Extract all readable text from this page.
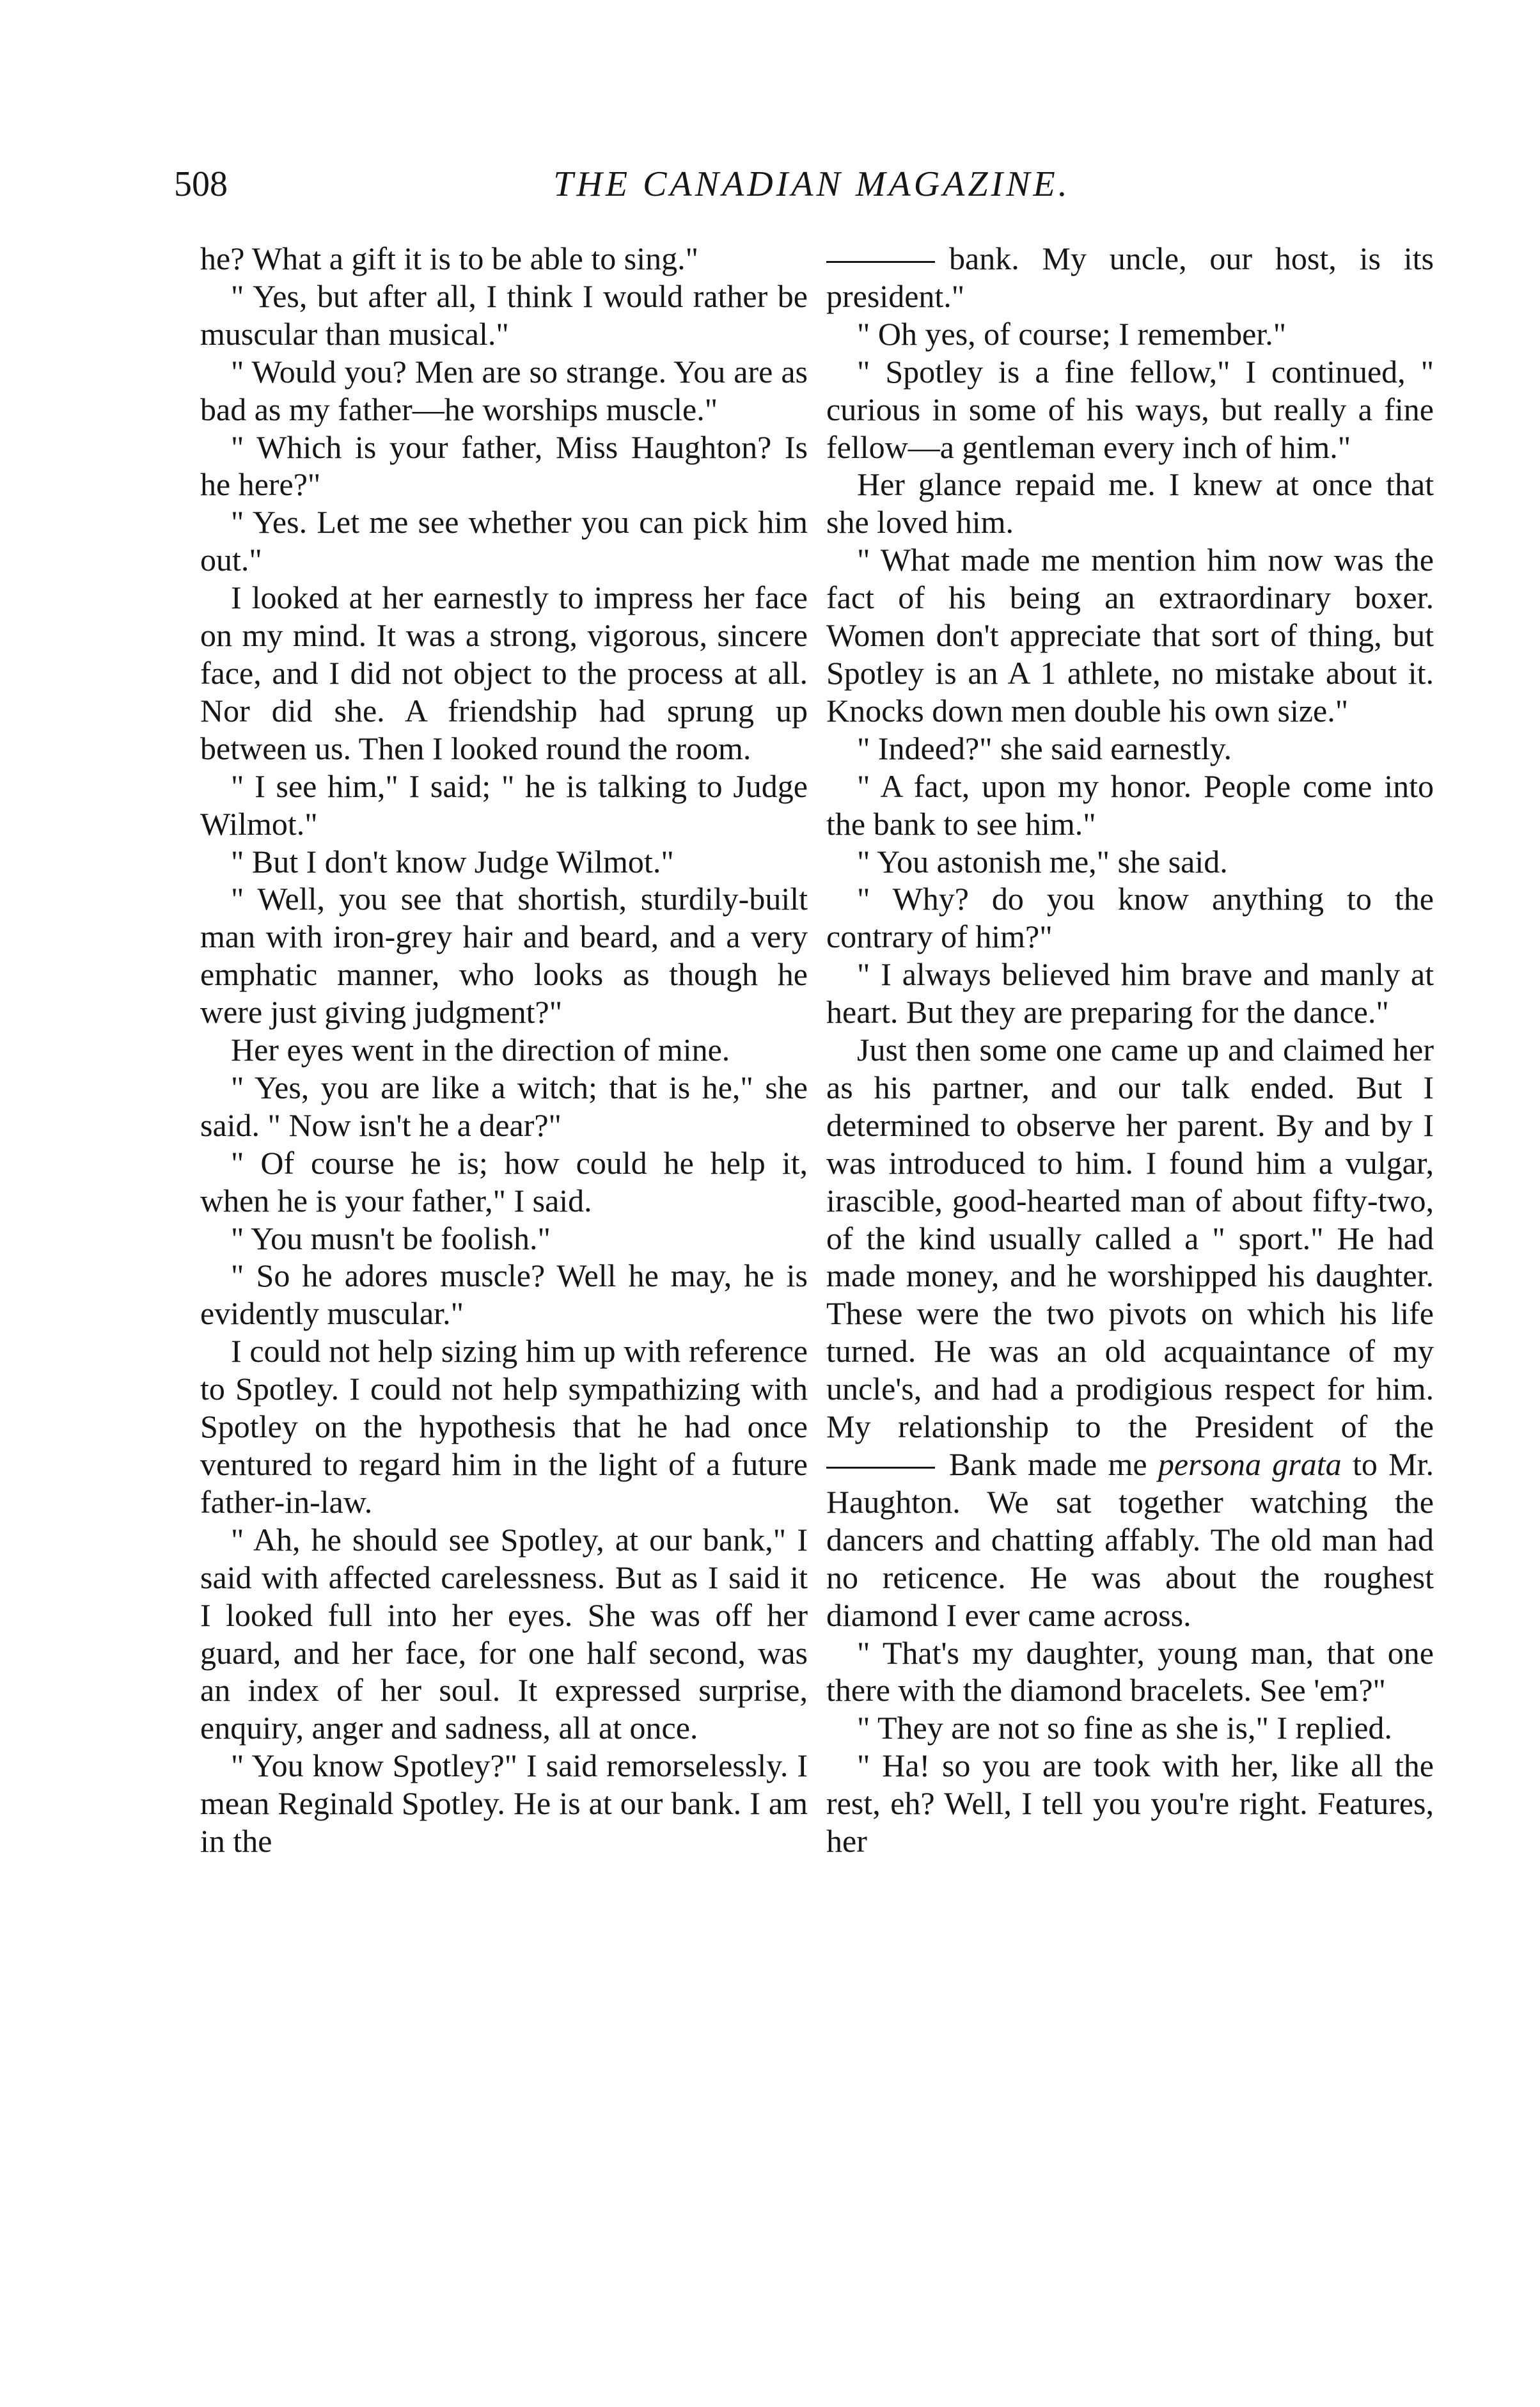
508	THE CANADIAN MAGAZINE.

he? What a gift it is to be able to sing."

" Yes, but after all, I think I would rather be muscular than musical."

" Would you? Men are so strange. You are as bad as my father—he worships muscle."

" Which is your father, Miss Haughton? Is he here?"

" Yes. Let me see whether you can pick him out."

I looked at her earnestly to impress her face on my mind. It was a strong, vigorous, sincere face, and I did not object to the process at all. Nor did she. A friendship had sprung up between us. Then I looked round the room.

" I see him," I said; " he is talking to Judge Wilmot."

" But I don't know Judge Wilmot."

" Well, you see that shortish, sturdily-built man with iron-grey hair and beard, and a very emphatic manner, who looks as though he were just giving judgment?"

Her eyes went in the direction of mine.

" Yes, you are like a witch; that is he," she said. " Now isn't he a dear?"

" Of course he is; how could he help it, when he is your father," I said.

" You musn't be foolish."

" So he adores muscle? Well he may, he is evidently muscular."

I could not help sizing him up with reference to Spotley. I could not help sympathizing with Spotley on the hypothesis that he had once ventured to regard him in the light of a future father-in-law.

" Ah, he should see Spotley, at our bank," I said with affected carelessness. But as I said it I looked full into her eyes. She was off her guard, and her face, for one half second, was an index of her soul. It expressed surprise, enquiry, anger and sadness, all at once.

" You know Spotley?" I said remorselessly. I mean Reginald Spotley. He is at our bank. I am in the

bank. My uncle, our host, is its president."

" Oh yes, of course; I remember."

" Spotley is a fine fellow," I continued, " curious in some of his ways, but really a fine fellow—a gentleman every inch of him."

Her glance repaid me. I knew at once that she loved him.

" What made me mention him now was the fact of his being an extraordinary boxer. Women don't appreciate that sort of thing, but Spotley is an A 1 athlete, no mistake about it. Knocks down men double his own size."

" Indeed?" she said earnestly.

" A fact, upon my honor. People come into the bank to see him."

" You astonish me," she said.

" Why? do you know anything to the contrary of him?"

" I always believed him brave and manly at heart. But they are preparing for the dance."

Just then some one came up and claimed her as his partner, and our talk ended. But I determined to observe her parent. By and by I was introduced to him. I found him a vulgar, irascible, good-hearted man of about fifty-two, of the kind usually called a " sport." He had made money, and he worshipped his daughter. These were the two pivots on which his life turned. He was an old acquaintance of my uncle's, and had a prodigious respect for him. My relationship to the President of the Bank made me persona grata to Mr. Haughton. We sat together watching the dancers and chatting affably. The old man had no reticence. He was about the roughest diamond I ever came across.

" That's my daughter, young man, that one there with the diamond bracelets. See 'em?"

" They are not so fine as she is," I replied.

" Ha! so you are took with her, like all the rest, eh? Well, I tell you you're right. Features, her
